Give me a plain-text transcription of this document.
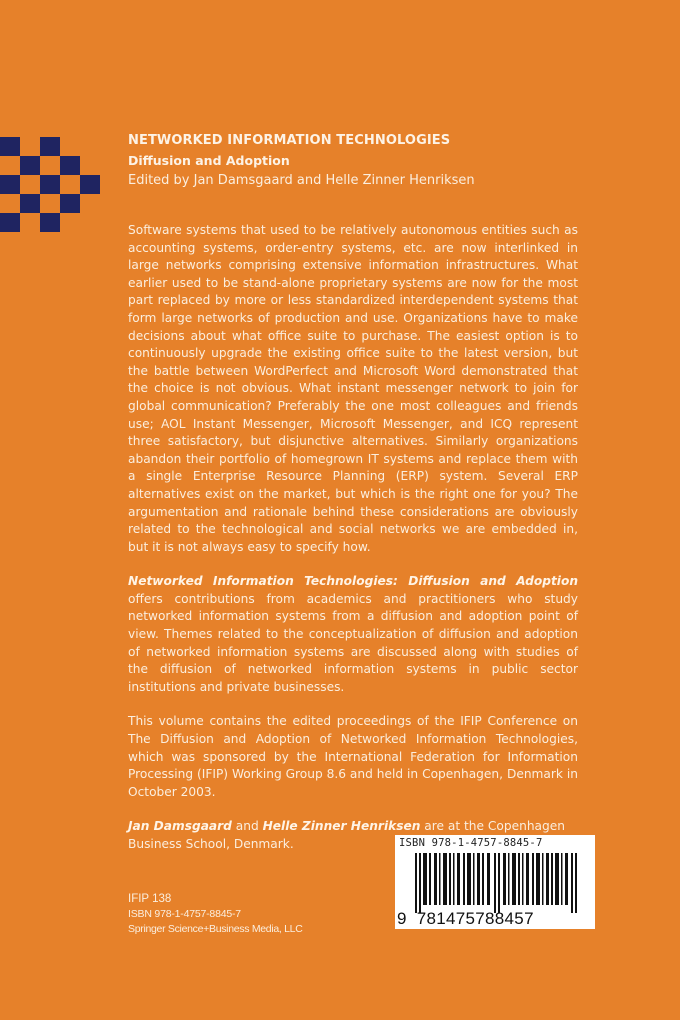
NETWORKED INFORMATION TECHNOLOGIES
Diffusion and Adoption
Edited by Jan Damsgaard and Helle Zinner Henriksen

Software systems that used to be relatively autonomous entities such as accounting systems, order-entry systems, etc. are now interlinked in large networks comprising extensive information infrastructures. What earlier used to be stand-alone proprietary systems are now for the most part replaced by more or less standardized interdependent systems that form large networks of production and use. Organizations have to make decisions about what office suite to purchase. The easiest option is to continuously upgrade the existing office suite to the latest version, but the battle between WordPerfect and Microsoft Word demonstrated that the choice is not obvious. What instant messenger network to join for global communication? Preferably the one most colleagues and friends use; AOL Instant Messenger, Microsoft Messenger, and ICQ represent three satisfactory, but disjunctive alternatives. Similarly organizations abandon their portfolio of homegrown IT systems and replace them with a single Enterprise Resource Planning (ERP) system. Several ERP alternatives exist on the market, but which is the right one for you? The argumentation and rationale behind these considerations are obviously related to the technological and social networks we are embedded in, but it is not always easy to specify how.

Networked Information Technologies: Diffusion and Adoption offers contributions from academics and practitioners who study networked information systems from a diffusion and adoption point of view. Themes related to the conceptualization of diffusion and adoption of networked information systems are discussed along with studies of the diffusion of networked information systems in public sector institutions and private businesses.

This volume contains the edited proceedings of the IFIP Conference on The Diffusion and Adoption of Networked Information Technologies, which was sponsored by the International Federation for Information Processing (IFIP) Working Group 8.6 and held in Copenhagen, Denmark in October 2003.

Jan Damsgaard and Helle Zinner Henriksen are at the Copenhagen Business School, Denmark.	ISBN 978-1-4757-8845-7
9 781475788457
IFIP 138
ISBN 978-1-4757-8845-7
Springer Science+Business Media, LLC
